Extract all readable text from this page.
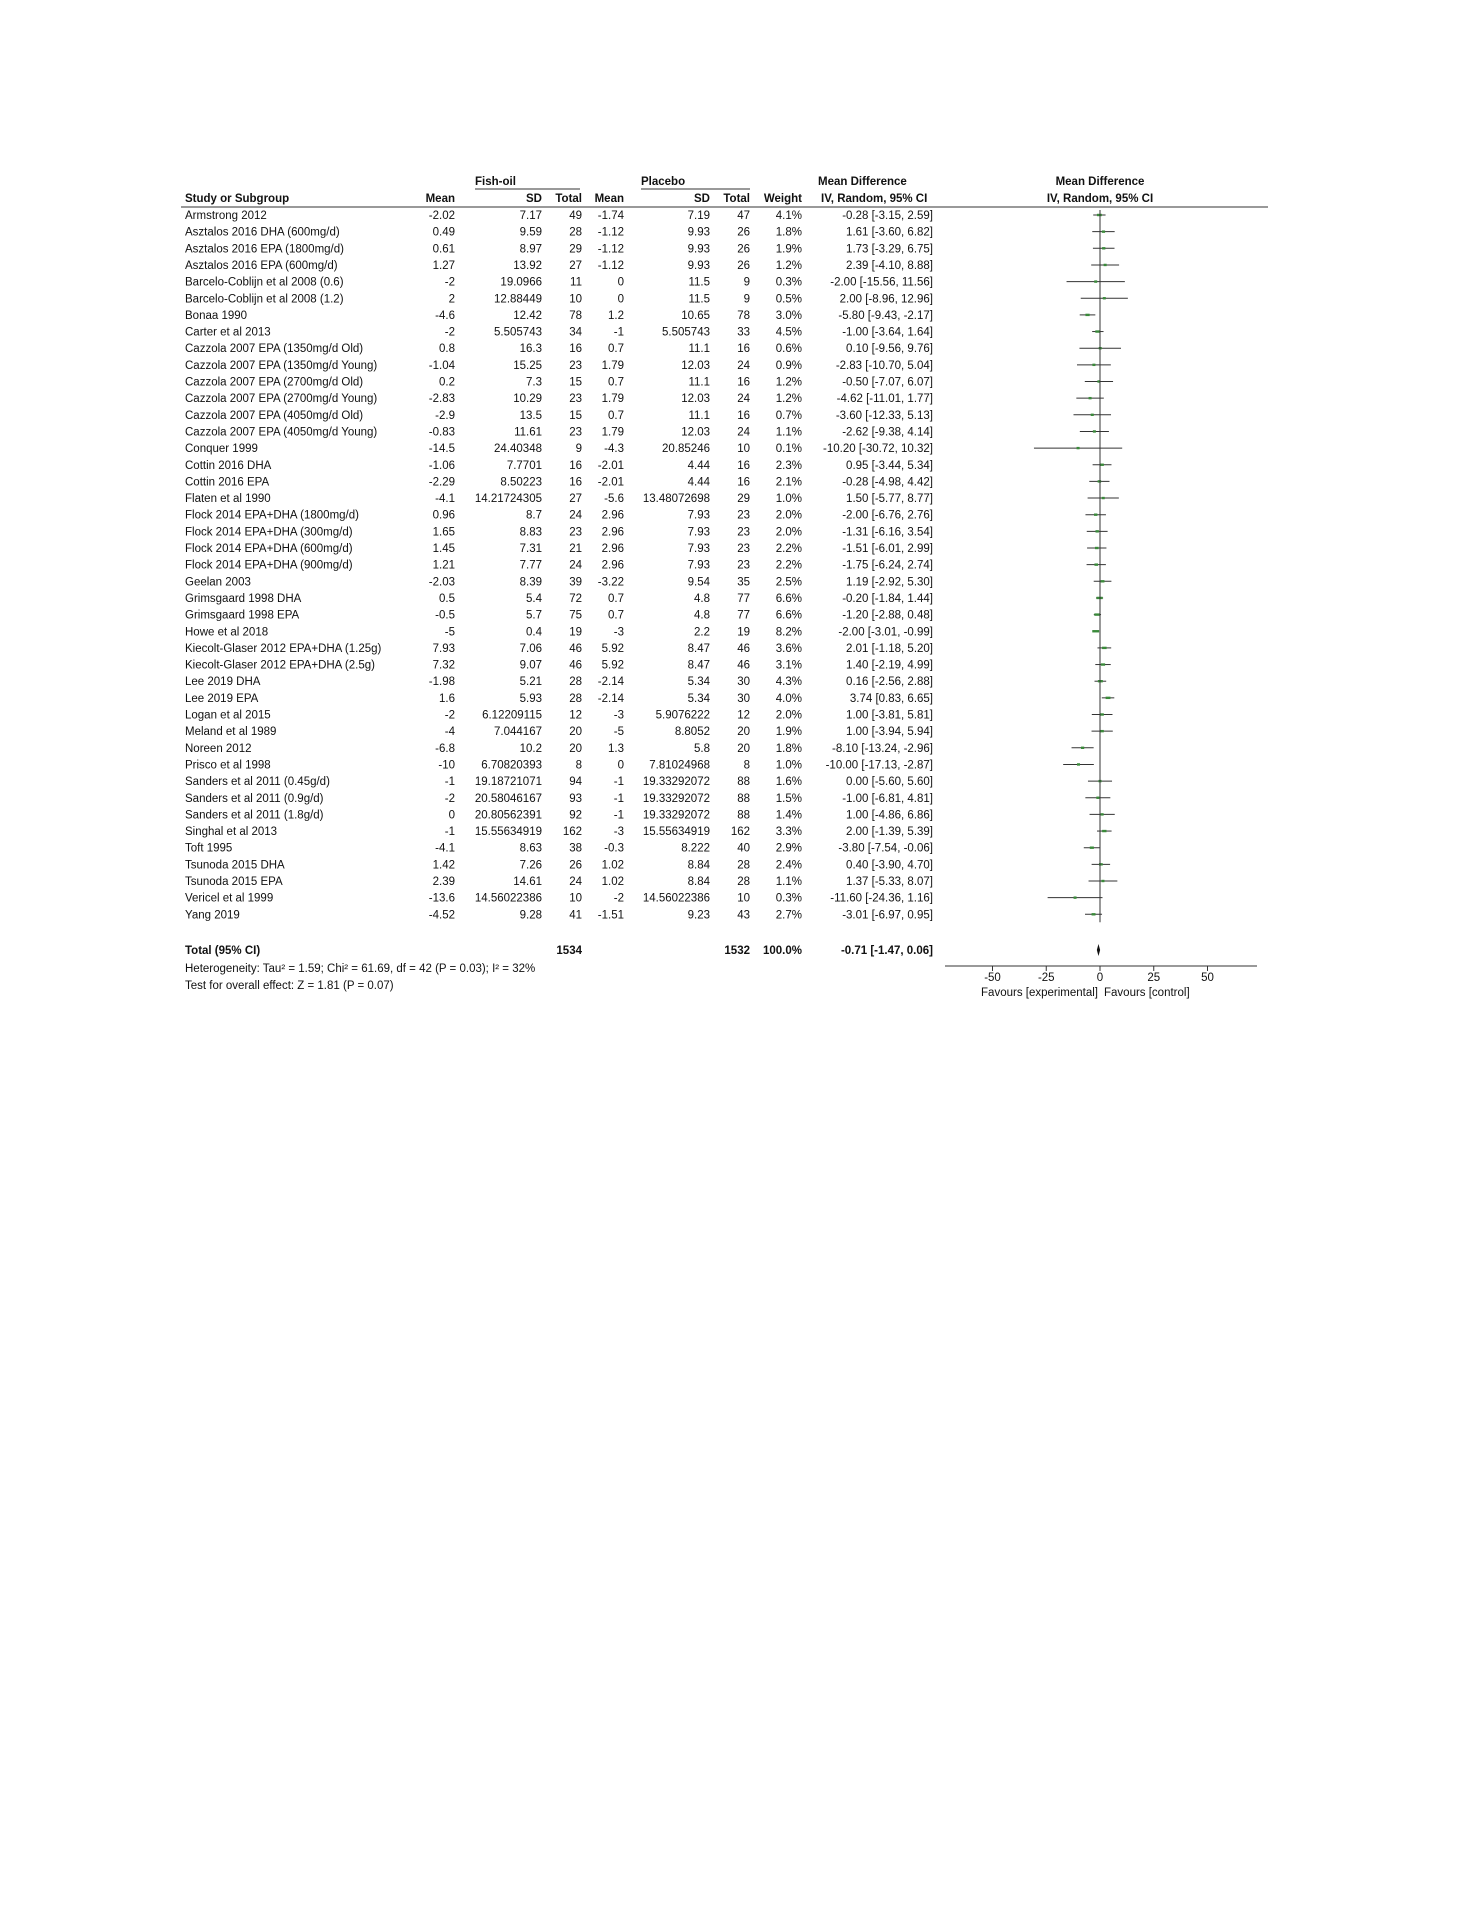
Fish-oil	Placebo	Mean Difference	Mean Difference
Study or Subgroup	Mean	SD Total Mean	SD Total Weight IV, Random, 95% CI	IV, Random, 95% CI
Armstrong 2012	-2.02	7.17 49 -1.74	7.19 47 4.1%	-0.28 [-3.15, 2.59]
Asztalos 2016 DHA (600mg/d)	0.49	9.59 28 -1.12	9.93 26 1.8%	1.61 [-3.60, 6.82]
Asztalos 2016 EPA (1800mg/d)	0.61	8.97 29 -1.12	9.93 26 1.9%	1.73 [-3.29, 6.75]
Asztalos 2016 EPA (600mg/d)	1.27	13.92 27 -1.12	9.93 26 1.2%	2.39 [-4.10, 8.88]
Barcelo-Coblijn et al 2008 (0.6)	-2	19.0966 11	0	11.5	9 0.3% -2.00 [-15.56, 11.56]
Barcelo-Coblijn et al 2008 (1.2)	2	12.88449 10	0	11.5	9 0.5%	2.00 [-8.96, 12.96]
Bonaa 1990	-4.6	12.42 78 1.2	10.65 78 3.0%	-5.80 [-9.43, -2.17]
Carter et al 2013	-2	5.505743 34	-1	5.505743 33 4.5%	-1.00 [-3.64, 1.64]
Cazzola 2007 EPA (1350mg/d Old)	0.8	16.3 16 0.7	11.1 16 0.6%	0.10 [-9.56, 9.76]
Cazzola 2007 EPA (1350mg/d Young)	-1.04	15.25 23 1.79	12.03 24 0.9%	-2.83 [-10.70, 5.04]
Cazzola 2007 EPA (2700mg/d Old)	0.2	7.3 15 0.7	11.1 16 1.2%	-0.50 [-7.07, 6.07]
Cazzola 2007 EPA (2700mg/d Young)	-2.83	10.29 23 1.79	12.03 24 1.2%	-4.62 [-11.01, 1.77]
Cazzola 2007 EPA (4050mg/d Old)	-2.9	13.5 15 0.7	11.1 16 0.7%	-3.60 [-12.33, 5.13]
Cazzola 2007 EPA (4050mg/d Young)	-0.83	11.61 23 1.79	12.03 24 1.1%	-2.62 [-9.38, 4.14]
Conquer 1999	-14.5	24.40348	9 -4.3	20.85246 10 0.1% -10.20 [-30.72, 10.32]
Cottin 2016 DHA	-1.06	7.7701 16 -2.01	4.44 16 2.3%	0.95 [-3.44, 5.34]
Cottin 2016 EPA	-2.29	8.50223 16 -2.01	4.44 16 2.1%	-0.28 [-4.98, 4.42]
Flaten et al 1990	-4.1 14.21724305 27 -5.6 13.48072698 29 1.0%	1.50 [-5.77, 8.77]
Flock 2014 EPA+DHA (1800mg/d)	0.96	8.7 24 2.96	7.93 23 2.0%	-2.00 [-6.76, 2.76]
Flock 2014 EPA+DHA (300mg/d)	1.65	8.83 23 2.96	7.93 23 2.0%	-1.31 [-6.16, 3.54]
Flock 2014 EPA+DHA (600mg/d)	1.45	7.31 21 2.96	7.93 23 2.2%	-1.51 [-6.01, 2.99]
Flock 2014 EPA+DHA (900mg/d)	1.21	7.77 24 2.96	7.93 23 2.2%	-1.75 [-6.24, 2.74]
Geelan 2003	-2.03	8.39 39 -3.22	9.54 35 2.5%	1.19 [-2.92, 5.30]
Grimsgaard 1998 DHA	0.5	5.4 72 0.7	4.8 77 6.6%	-0.20 [-1.84, 1.44]
Grimsgaard 1998 EPA	-0.5	5.7 75 0.7	4.8 77 6.6%	-1.20 [-2.88, 0.48]
Howe et al 2018	-5	0.4 19	-3	2.2 19 8.2%	-2.00 [-3.01, -0.99]
Kiecolt-Glaser 2012 EPA+DHA (1.25g)	7.93	7.06 46 5.92	8.47 46 3.6%	2.01 [-1.18, 5.20]
Kiecolt-Glaser 2012 EPA+DHA (2.5g)	7.32	9.07 46 5.92	8.47 46 3.1%	1.40 [-2.19, 4.99]
Lee 2019 DHA	-1.98	5.21 28 -2.14	5.34 30 4.3%	0.16 [-2.56, 2.88]
Lee 2019 EPA	1.6	5.93 28 -2.14	5.34 30 4.0%	3.74 [0.83, 6.65]
Logan et al 2015	-2 6.12209115 12	-3	5.9076222 12 2.0%	1.00 [-3.81, 5.81]
Meland et al 1989	-4	7.044167 20	-5	8.8052 20 1.9%	1.00 [-3.94, 5.94]
Noreen 2012	-6.8	10.2 20 1.3	5.8 20 1.8%	-8.10 [-13.24, -2.96]
Prisco et al 1998	-10 6.70820393	8	0 7.81024968	8 1.0% -10.00 [-17.13, -2.87]
Sanders et al 2011 (0.45g/d)	-1 19.18721071 94	-1 19.33292072 88 1.6%	0.00 [-5.60, 5.60]
Sanders et al 2011 (0.9g/d)	-2 20.58046167 93	-1 19.33292072 88 1.5%	-1.00 [-6.81, 4.81]
Sanders et al 2011 (1.8g/d)	0 20.80562391 92	-1 19.33292072 88 1.4%	1.00 [-4.86, 6.86]
Singhal et al 2013	-1 15.55634919 162	-3 15.55634919 162 3.3%	2.00 [-1.39, 5.39]
Toft 1995	-4.1	8.63 38 -0.3	8.222 40 2.9%	-3.80 [-7.54, -0.06]
Tsunoda 2015 DHA	1.42	7.26 26 1.02	8.84 28 2.4%	0.40 [-3.90, 4.70]
Tsunoda 2015 EPA	2.39	14.61 24 1.02	8.84 28 1.1%	1.37 [-5.33, 8.07]
Vericel et al 1999	-13.6 14.56022386 10	-2 14.56022386 10 0.3% -11.60 [-24.36, 1.16]
Yang 2019	-4.52	9.28 41 -1.51	9.23 43 2.7%	-3.01 [-6.97, 0.95]
-50	-25	0	25	50
Total (95% CI)	1534	1532 100.0%	-0.71 [-1.47, 0.06]
Heterogeneity: Tau² = 1.59; Chi² = 61.69, df = 42 (P = 0.03); I² = 32%
Test for overall effect: Z = 1.81 (P = 0.07)
Favours [experimental] Favours [control]
